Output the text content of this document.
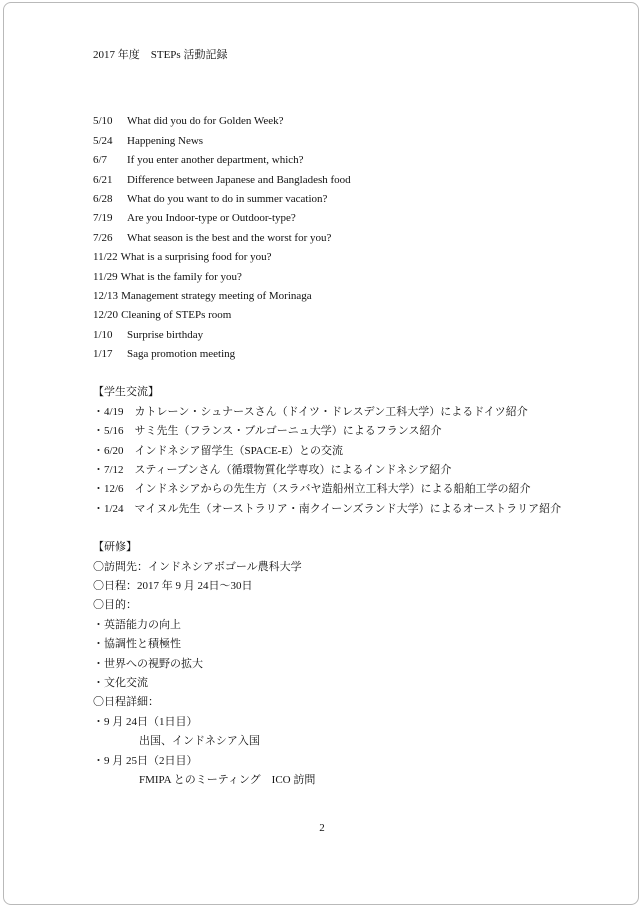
2017 年度　STEPs 活動記録
5/10 What did you do for Golden Week?
5/24 Happening News
6/7 If you enter another department, which?
6/21 Difference between Japanese and Bangladesh food
6/28 What do you want to do in summer vacation?
7/19 Are you Indoor-type or Outdoor-type?
7/26 What season is the best and the worst for you?
11/22 What is a surprising food for you?
11/29 What is the family for you?
12/13 Management strategy meeting of Morinaga
12/20 Cleaning of STEPs room
1/10 Surprise birthday
1/17 Saga promotion meeting
【学生交流】
・4/19　カトレーン・シュナースさん（ドイツ・ドレスデン工科大学）によるドイツ紹介
・5/16　サミ先生（フランス・ブルゴーニュ大学）によるフランス紹介
・6/20　インドネシア留学生（SPACE-E）との交流
・7/12　スティーブンさん（循環物質化学専攻）によるインドネシア紹介
・12/6　インドネシアからの先生方（スラバヤ造船州立工科大学）による船舶工学の紹介
・1/24　マイヌル先生（オーストラリア・南クイーンズランド大学）によるオーストラリア紹介
【研修】
〇訪問先：インドネシアボゴール農科大学
〇日程：2017 年 9 月 24日～30日
〇目的：
・英語能力の向上
・協調性と積極性
・世界への視野の拡大
・文化交流
〇日程詳細：
・9 月 24日（1日目）
出国、インドネシア入国
・9 月 25日（2日目）
FMIPA とのミーティング　ICO 訪問
2
